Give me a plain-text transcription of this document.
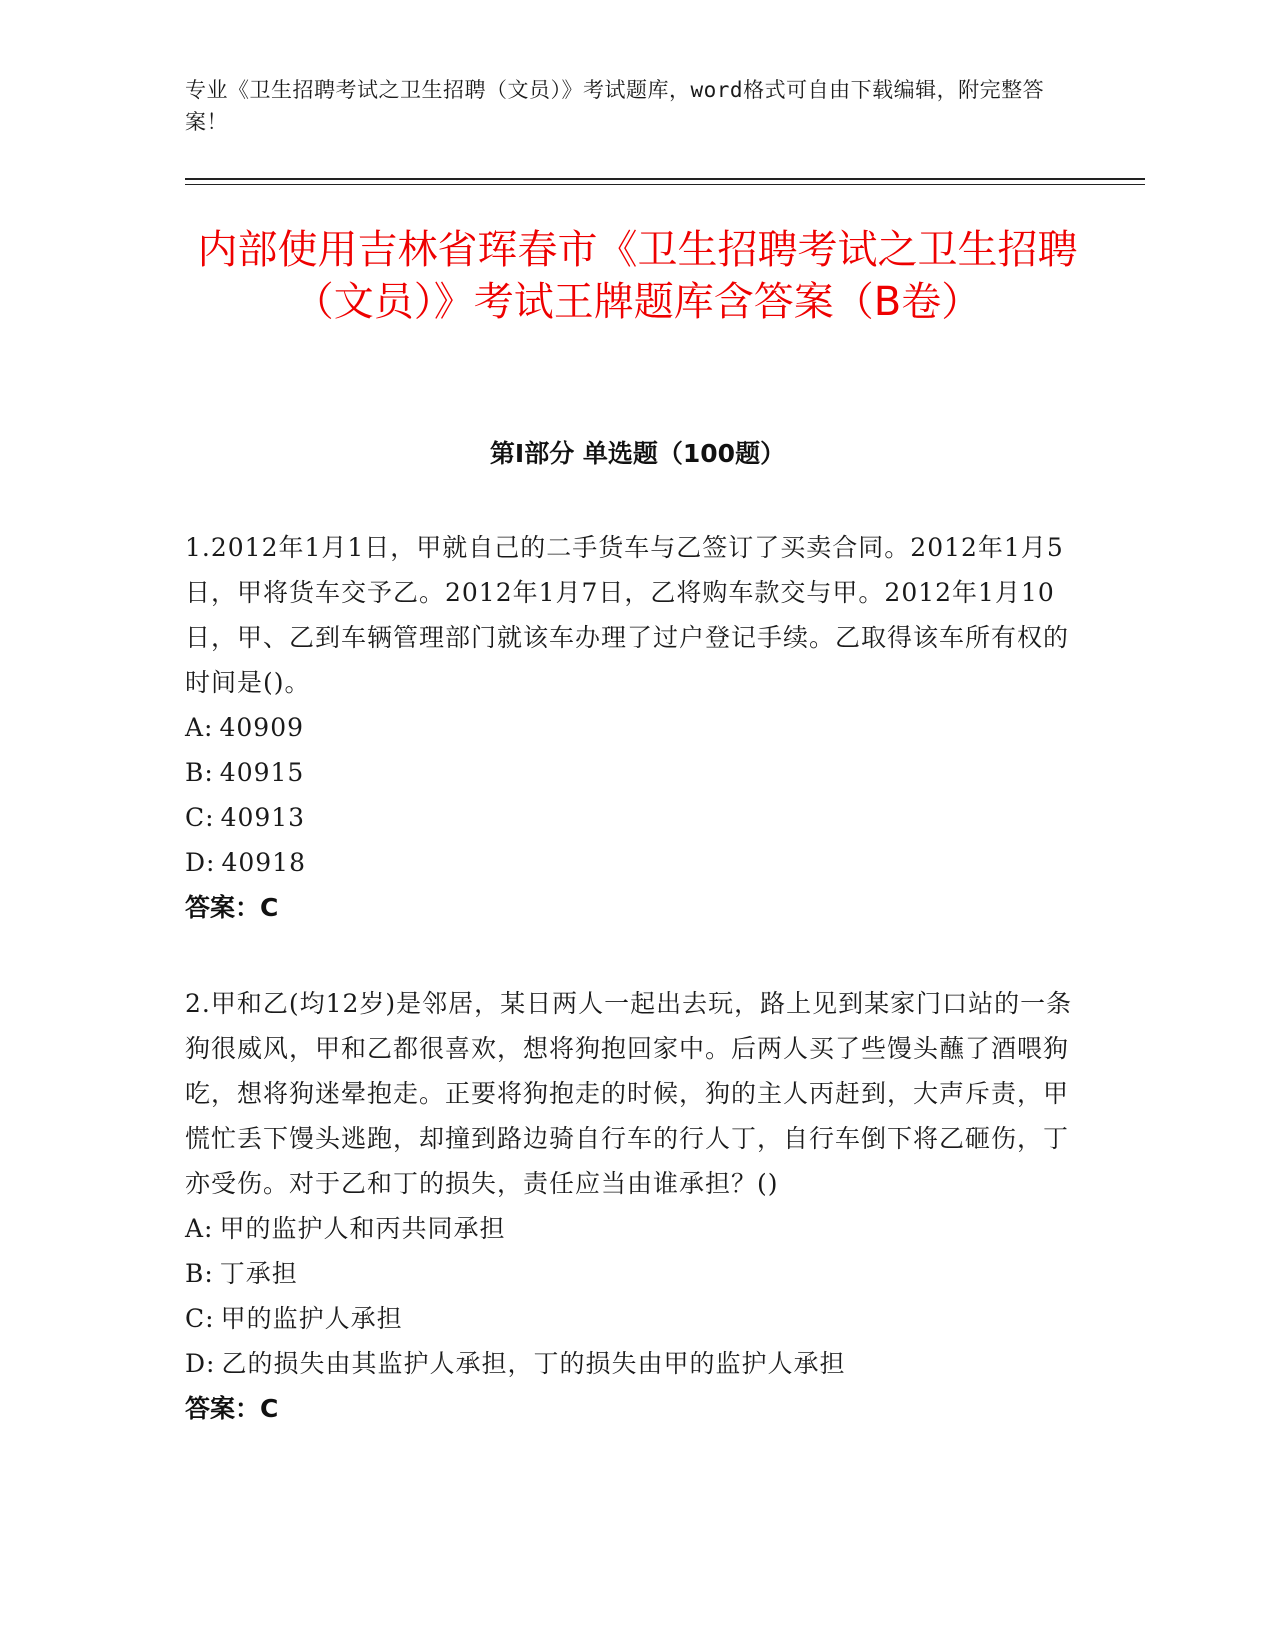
专业《卫生招聘考试之卫生招聘（文员）》考试题库，word格式可自由下载编辑，附完整答案！
内部使用吉林省珲春市《卫生招聘考试之卫生招聘（文员）》考试王牌题库含答案（B卷）
第Ⅰ部分 单选题（100题）

1.2012年1月1日，甲就自己的二手货车与乙签订了买卖合同。2012年1月5日，甲将货车交予乙。2012年1月7日，乙将购车款交与甲。2012年1月10日，甲、乙到车辆管理部门就该车办理了过户登记手续。乙取得该车所有权的时间是()。

A: 40909

B: 40915

C: 40913

D: 40918

答案：C

2.甲和乙(均12岁)是邻居，某日两人一起出去玩，路上见到某家门口站的一条狗很威风，甲和乙都很喜欢，想将狗抱回家中。后两人买了些馒头蘸了酒喂狗吃，想将狗迷晕抱走。正要将狗抱走的时候，狗的主人丙赶到，大声斥责，甲慌忙丢下馒头逃跑，却撞到路边骑自行车的行人丁，自行车倒下将乙砸伤，丁亦受伤。对于乙和丁的损失，责任应当由谁承担？()

A: 甲的监护人和丙共同承担

B: 丁承担

C: 甲的监护人承担

D: 乙的损失由其监护人承担，丁的损失由甲的监护人承担

答案：C
